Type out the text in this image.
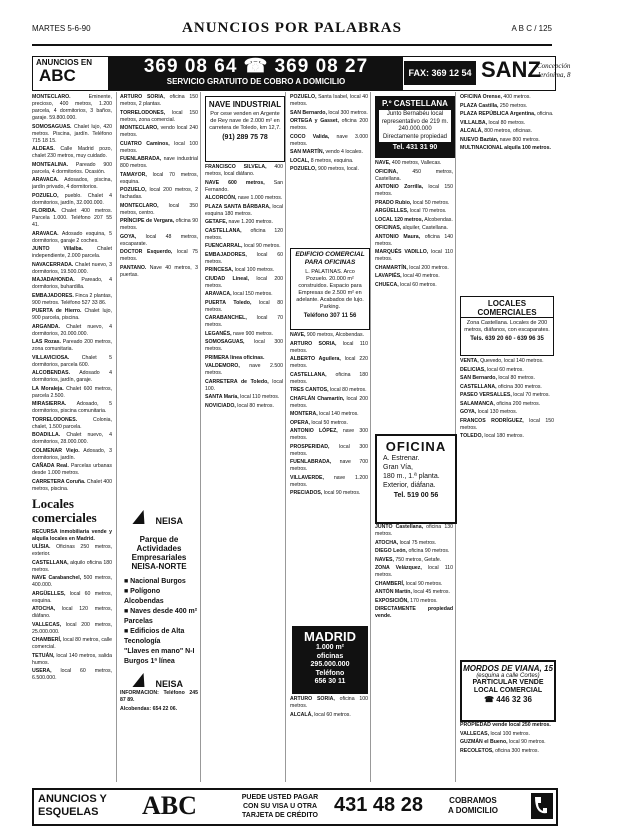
MARTES 5-6-90	ANUNCIOS POR PALABRAS	A B C / 125
ANUNCIOS EN
ABC	369 08 64 ☎ 369 08 27
SERVICIO GRATUITO DE COBRO A DOMICILIO
FAX: 369 12 54 SANZ
Concepción
Jerónima, 8

MONTECLARO. Eminente, precioso, 400 metros, 1.200 parcela, 4 dormitorios, 3 baños, garaje. 59.800.000.

SOMOSAGUAS. Chalet lujo, 420 metros. Piscina, jardín. Teléfono 715 18 15.

ALDEAS. Calle Madrid pozo, chalet 230 metros, muy cuidado.

MONTEALINA. Pareado 900 parcela, 4 dormitorios. Ocasión.

ARAVACA. Adosados, piscina, jardín privado, 4 dormitorios.

POZUELO, pueblo. Chalet 4 dormitorios, jardín, 32.000.000.

FLORIDA. Chalet 400 metros. Parcela 1.000. Teléfono 207 55 41.

ARAVACA. Adosado esquina, 5 dormitorios, garaje 2 coches.

JUNTO Villalba. Chalet independiente, 2.000 parcela.

NAVACERRADA. Chalet nuevo, 3 dormitorios, 19.500.000.

MAJADAHONDA. Pareado, 4 dormitorios, buhardilla.

EMBAJADORES. Finca 2 plantas, 900 metros. Teléfono 527 33 86.

PUERTA de Hierro. Chalet lujo, 900 parcela, piscina.

ARGANDA. Chalet nuevo, 4 dormitorios, 20.000.000.

LAS Rozas. Pareado 200 metros, zona comunitaria.

VILLAVICIOSA. Chalet 5 dormitorios, parcela 600.

ALCOBENDAS. Adosado 4 dormitorios, jardín, garaje.

LA Moraleja. Chalet 600 metros, parcela 2.500.

MIRASIERRA. Adosado, 5 dormitorios, piscina comunitaria.

TORRELODONES. Colonia, chalet, 1.500 parcela.

BOADILLA. Chalet nuevo, 4 dormitorios, 28.000.000.

COLMENAR Viejo. Adosado, 3 dormitorios, jardín.

CAÑADA Real. Parcelas urbanas desde 1.000 metros.

CARRETERA Coruña. Chalet 400 metros, piscina.

Locales comerciales

RECURSA inmobiliaria vende y alquila locales en Madrid.

ULÍSIA. Oficinas 250 metros, exterior.

CASTELLANA, alquilo oficina 180 metros.

NAVE Carabanchel, 500 metros, 400.000.

ARGÜELLES, local 60 metros, esquina.

ATOCHA, local 120 metros, diáfano.

VALLECAS, local 200 metros, 25.000.000.

CHAMBERÍ, local 80 metros, calle comercial.

TETUÁN, local 140 metros, salida humos.

USERA, local 60 metros, 6.500.000.

ARTURO SORIA, oficina 150 metros, 2 plantas.

TORRELODONES, local 150 metros, zona comercial.

MONTECLARO, vendo local 240 metros.

CUATRO Caminos, local 100 metros.

FUENLABRADA, nave industrial 800 metros.

TAMAYOR, local 70 metros, esquina.

POZUELO, local 200 metros, 2 fachadas.

MONTECLARO, local 350 metros, centro.

PRÍNCIPE de Vergara, oficina 90 metros.

GOYA, local 48 metros, escaparate.

DOCTOR Esquerdo, local 75 metros.

PANTANO. Nave 40 metros, 3 puertas.

NEISA
Parque de Actividades Empresariales NEISA-NORTE
■ Nacional Burgos
■ Polígono Alcobendas
■ Naves desde 400 m² Parcelas
■ Edificios de Alta Tecnología
"Llaves en mano" N-I Burgos 1ª línea
NEISA

INFORMACIÓN: Teléfono 245 87 89.

Alcobendas: 654 22 06.

NAVE INDUSTRIAL
Por cese venden en Argente de Rey nave de 2.000 m² en carretera de Toledo, km 12,7.
(91) 289 75 78

FRANCISCO SILVELA, 400 metros, local diáfano.

NAVE 600 metros, San Fernando.

ALCORCÓN, nave 1.000 metros.

PLAZA SANTA BÁRBARA, local esquina 180 metros.

GETAFE, nave 1.200 metros.

CASTELLANA, oficina 120 metros.

FUENCARRAL, local 90 metros.

EMBAJADORES, local 60 metros.

PRINCESA, local 100 metros.

CIUDAD Lineal, local 200 metros.

ARAVACA, local 150 metros.

PUERTA Toledo, local 80 metros.

CARABANCHEL, local 70 metros.

LEGANÉS, nave 900 metros.

SOMOSAGUAS, local 300 metros.

PRIMERA línea oficinas.

VALDEMORO, nave 2.500 metros.

CARRETERA de Toledo, local 100.

SANTA María, local 110 metros.

NOVICIADO, local 80 metros.

POZUELO, Santa Isabel, local 40 metros.

SAN Bernardo, local 300 metros.

ORTEGA y Gasset, oficina 200 metros.

COCO Valida, nave 3.000 metros.

SAN MARTÍN, vendo 4 locales.

LOCAL, 8 metros, esquina.

POZUELO, 900 metros, local.

EDIFICIO COMERCIAL PARA OFICINAS
L. PALATINAS. Arco Pozuelo. 20.000 m² construidos. Espacio para Empresas de 2.500 m² en adelante. Acabados de lujo. Parking.
Teléfono 307 11 56

NAVE, 900 metros, Alcobendas.

ARTURO SORIA, local 110 metros.

ALBERTO Aguilera, local 220 metros.

CASTELLANA, oficina 180 metros.

TRES CANTOS, local 80 metros.

CHAFLÁN Chamartín, local 200 metros.

MONTERA, local 140 metros.

OPERA, local 50 metros.

ANTONIO LÓPEZ, nave 300 metros.

PROSPERIDAD, local 300 metros.

FUENLABRADA, nave 700 metros.

VILLAVERDE, nave 1.200 metros.

PRECIADOS, local 90 metros.

MADRID
1.000 m²
oficinas
295.000.000
Teléfono
656 30 11

ARTURO SORIA, oficina 100 metros.

ALCALÁ, local 60 metros.

P.º CASTELLANA
Junto Bernabéu local
representativo de 219 m.
240.000.000
Directamente propiedad
Tel. 431 31 90

NAVE, 400 metros, Vallecas.

OFICINA, 450 metros, Castellana.

ANTONIO Zorrilla, local 150 metros.

PRADO Rubio, local 50 metros.

ARGÜELLES, local 70 metros.

LOCAL 120 metros, Alcobendas.

OFICINAS, alquiler, Castellana.

ANTONIO Maura, oficina 140 metros.

MARQUÉS VADILLO, local 110 metros.

CHAMARTÍN, local 200 metros.

LAVAPIÉS, local 40 metros.

CHUECA, local 60 metros.

OFICINA
A. Estrenar.
Gran Vía,
180 m., 1.ª planta.
Exterior, diáfana.
Tel. 519 00 56

JUNTO Castellana, oficina 130 metros.

ATOCHA, local 75 metros.

DIEGO León, oficina 90 metros.

NAVES, 750 metros, Getafe.

ZONA Velázquez, local 110 metros.

CHAMBERÍ, local 90 metros.

ANTÓN Martín, local 45 metros.

EXPOSICIÓN, 170 metros.

DIRECTAMENTE propiedad vende.

OFICINA Orense, 400 metros.

PLAZA Castilla, 250 metros.

PLAZA REPÚBLICA Argentina, oficina.

VILLALBA, local 80 metros.

ALCALÁ, 800 metros, oficinas.

NUEVO Baztán, nave 800 metros.

MULTINACIONAL alquila 100 metros.

LOCALES COMERCIALES
Zona Castellana. Locales de 200 metros, diáfanos, con escaparates.
Tels. 639 20 60 - 639 96 35

VENTA, Quevedo, local 140 metros.

DELICIAS, local 60 metros.

SAN Bernardo, local 80 metros.

CASTELLANA, oficina 300 metros.

PASEO VERSALLES, local 70 metros.

SALAMANCA, oficina 200 metros.

GOYA, local 130 metros.

FRANCOS RODRÍGUEZ, local 150 metros.

TOLEDO, local 180 metros.

MORDOS DE VIANA, 15
(esquina a calle Cortes)
PARTICULAR VENDE
LOCAL COMERCIAL
☎ 446 32 36

PROPIEDAD vende local 250 metros.

VALLECAS, local 100 metros.

GUZMÁN el Bueno, local 90 metros.

RECOLETOS, oficina 300 metros.

ANUNCIOS Y
ESQUELAS	ABC	PUEDE USTED PAGAR
CON SU VISA U OTRA
TARJETA DE CRÉDITO 431 48 28	COBRAMOS
A DOMICILIO
